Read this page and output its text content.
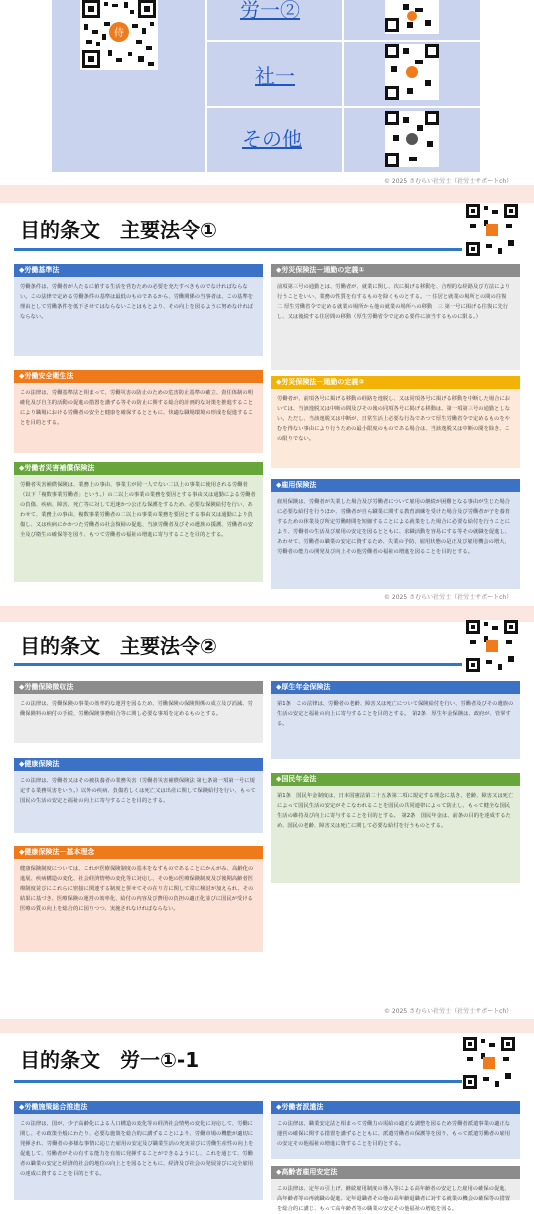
侍
労一②
社一
その他
© 2025 さむらい社労士（社労士サポートch）
目的条文　主要法令①
◆労働基準法
労働条件は、労働者が人たるに値する生活を営むための必要を充たすべきものでなければならない。この法律で定める労働条件の基準は最低のものであるから、労働関係の当事者は、この基準を理由として労働条件を低下させてはならないことはもとより、その向上を図るように努めなければならない。
◆労働安全衛生法
この法律は、労働基準法と相まって、労働災害の防止のための危害防止基準の確立、責任体制の明確化及び自主的活動の促進の措置を講ずる等その防止に関する総合的計画的な対策を推進することにより職場における労働者の安全と健康を確保するとともに、快適な職場環境の形成を促進することを目的とする。
◆労働者災害補償保険法
労働者災害補償保険は、業務上の事由、事業主が同一人でない二以上の事業に使用される労働者（以下「複数事業労働者」という。）の二以上の事業の業務を要因とする事由又は通勤による労働者の負傷、疾病、障害、死亡等に対して迅速かつ公正な保護をするため、必要な保険給付を行い、あわせて、業務上の事由、複数事業労働者の二以上の事業の業務を要因とする事由又は通勤により負傷し、又は疾病にかかつた労働者の社会復帰の促進、当該労働者及びその遺族の援護、労働者の安全及び衛生の確保等を図り、もつて労働者の福祉の増進に寄与することを目的とする。
◆労災保険法－通勤の定義①
前項第三号の通勤とは、労働者が、就業に関し、次に掲げる移動を、合理的な経路及び方法により行うことをいい、業務の性質を有するものを除くものとする。一 住居と就業の場所との間の往復　二 厚生労働省令で定める就業の場所から他の就業の場所への移動　三 第一号に掲げる往復に先行し、又は後続する住居間の移動（厚生労働省令で定める要件に該当するものに限る。）
◆労災保険法－通勤の定義②
労働者が、前項各号に掲げる移動の経路を逸脱し、又は同項各号に掲げる移動を中断した場合においては、当該逸脱又は中断の間及びその後の同項各号に掲げる移動は、第一項第三号の通勤としない。ただし、当該逸脱又は中断が、日常生活上必要な行為であつて厚生労働省令で定めるものをやむを得ない事由により行うための最小限度のものである場合は、当該逸脱又は中断の間を除き、この限りでない。
◆雇用保険法
雇用保険は、労働者が失業した場合及び労働者について雇用の継続が困難となる事由が生じた場合に必要な給付を行うほか、労働者が自ら職業に関する教育訓練を受けた場合及び労働者が子を養育するための休業及び所定労働時間を短縮することによる就業をした場合に必要な給付を行うことにより、労働者の生活及び雇用の安定を図るとともに、求職活動を容易にする等その就職を促進し、あわせて、労働者の職業の安定に資するため、失業の予防、雇用状態の是正及び雇用機会の増大、労働者の能力の開発及び向上その他労働者の福祉の増進を図ることを目的とする。
© 2025 さむらい社労士（社労士サポートch）
目的条文　主要法令②
◆労働保険徴収法
この法律は、労働保険の事業の効率的な運営を図るため、労働保険の保険関係の成立及び消滅、労働保険料の納付の手続、労働保険事務組合等に関し必要な事項を定めるものとする。
◆健康保険法
この法律は、労働者又はその被扶養者の業務災害（労働者災害補償保険法 第七条第一項第一号に規定する業務災害をいう。）以外の疾病、負傷若しくは死亡又は出産に関して保険給付を行い、もって国民の生活の安定と福祉の向上に寄与することを目的とする。
◆健康保険法－基本理念
健康保険制度については、これが医療保険制度の基本をなすものであることにかんがみ、高齢化の進展、疾病構造の変化、社会経済情勢の変化等に対応し、その他の医療保険制度及び後期高齢者医療制度並びにこれらに密接に関連する制度と併せてその在り方に関して常に検討が加えられ、その結果に基づき、医療保険の運営の効率化、給付の内容及び費用の負担の適正化並びに国民が受ける医療の質の向上を総合的に図りつつ、実施されなければならない。
◆厚生年金保険法
第1条　この法律は、労働者の老齢、障害又は死亡について保険給付を行い、労働者及びその遺族の生活の安定と福祉の向上に寄与することを目的とする。　第2条　厚生年金保険は、政府が、管掌する。
◆国民年金法
第1条　国民年金制度は、日本国憲法第二十五条第二項に規定する理念に基き、老齢、障害又は死亡によって国民生活の安定がそこなわれることを国民の共同連帯によって防止し、もって健全な国民生活の維持及び向上に寄与することを目的とする。　第2条　国民年金は、前条の目的を達成するため、国民の老齢、障害又は死亡に関して必要な給付を行うものとする。
© 2025 さむらい社労士（社労士サポートch）
目的条文　労一①-1
◆労働施策総合推進法
この法律は、国が、少子高齢化による人口構造の変化等の経済社会情勢の変化に対応して、労働に関し、その政策全般にわたり、必要な施策を総合的に講ずることにより、労働市場の機能が適切に発揮され、労働者の多様な事情に応じた雇用の安定及び職業生活の充実並びに労働生産性の向上を促進して、労働者がその有する能力を有効に発揮することができるようにし、これを通じて、労働者の職業の安定と経済的社会的地位の向上とを図るとともに、経済及び社会の発展並びに完全雇用の達成に資することを目的とする。
◆労働者派遣法
この法律は、職業安定法と相まって労働力の需給の適正な調整を図るため労働者派遣事業の適正な運営の確保に関する措置を講ずるとともに、派遣労働者の保護等を図り、もって派遣労働者の雇用の安定その他福祉の増進に資することを目的とする。
◆高齢者雇用安定法
この法律は、定年の引上げ、継続雇用制度の導入等による高年齢者の安定した雇用の確保の促進、高年齢者等の再就職の促進、定年退職者その他の高年齢退職者に対する就業の機会の確保等の措置を総合的に講じ、もって高年齢者等の職業の安定その他福祉の増進を図る。
